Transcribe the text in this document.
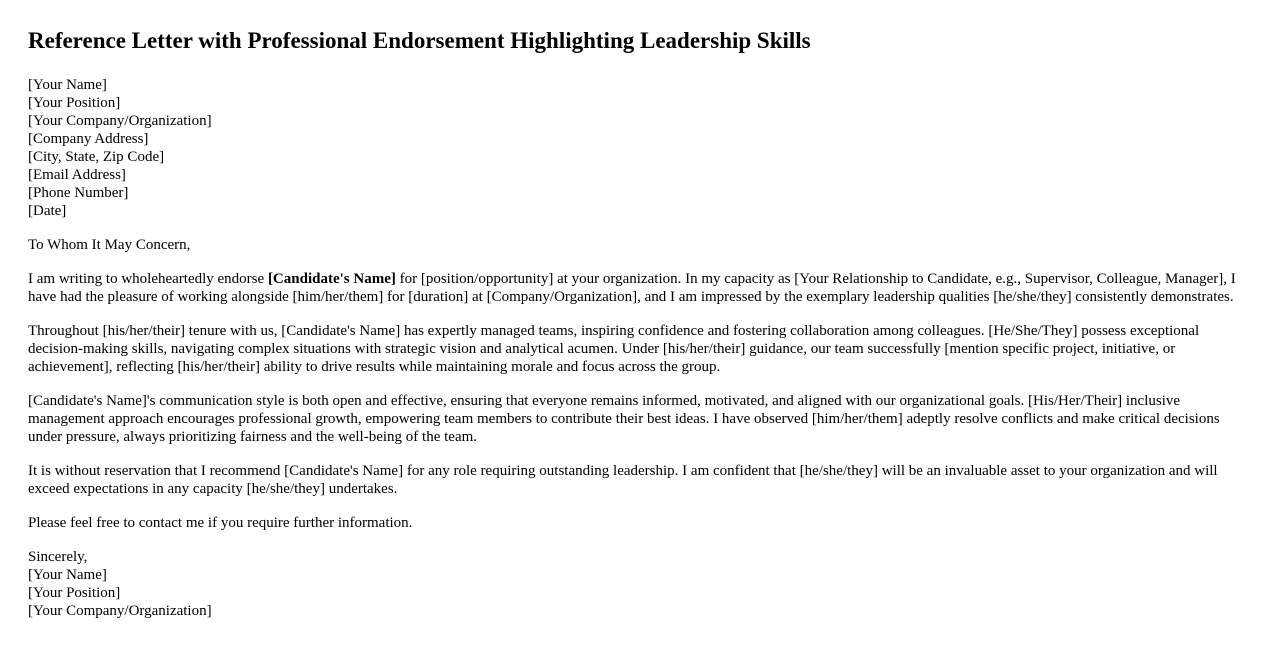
Reference Letter with Professional Endorsement Highlighting Leadership Skills
[Your Name]
[Your Position]
[Your Company/Organization]
[Company Address]
[City, State, Zip Code]
[Email Address]
[Phone Number]
[Date]

To Whom It May Concern,

I am writing to wholeheartedly endorse [Candidate's Name] for [position/opportunity] at your organization. In my capacity as [Your Relationship to Candidate, e.g., Supervisor, Colleague, Manager], I have had the pleasure of working alongside [him/her/them] for [duration] at [Company/Organization], and I am impressed by the exemplary leadership qualities [he/she/they] consistently demonstrates.

Throughout [his/her/their] tenure with us, [Candidate's Name] has expertly managed teams, inspiring confidence and fostering collaboration among colleagues. [He/She/They] possess exceptional decision-making skills, navigating complex situations with strategic vision and analytical acumen. Under [his/her/their] guidance, our team successfully [mention specific project, initiative, or achievement], reflecting [his/her/their] ability to drive results while maintaining morale and focus across the group.

[Candidate's Name]'s communication style is both open and effective, ensuring that everyone remains informed, motivated, and aligned with our organizational goals. [His/Her/Their] inclusive management approach encourages professional growth, empowering team members to contribute their best ideas. I have observed [him/her/them] adeptly resolve conflicts and make critical decisions under pressure, always prioritizing fairness and the well-being of the team.

It is without reservation that I recommend [Candidate's Name] for any role requiring outstanding leadership. I am confident that [he/she/they] will be an invaluable asset to your organization and will exceed expectations in any capacity [he/she/they] undertakes.

Please feel free to contact me if you require further information.

Sincerely,
[Your Name]
[Your Position]
[Your Company/Organization]
